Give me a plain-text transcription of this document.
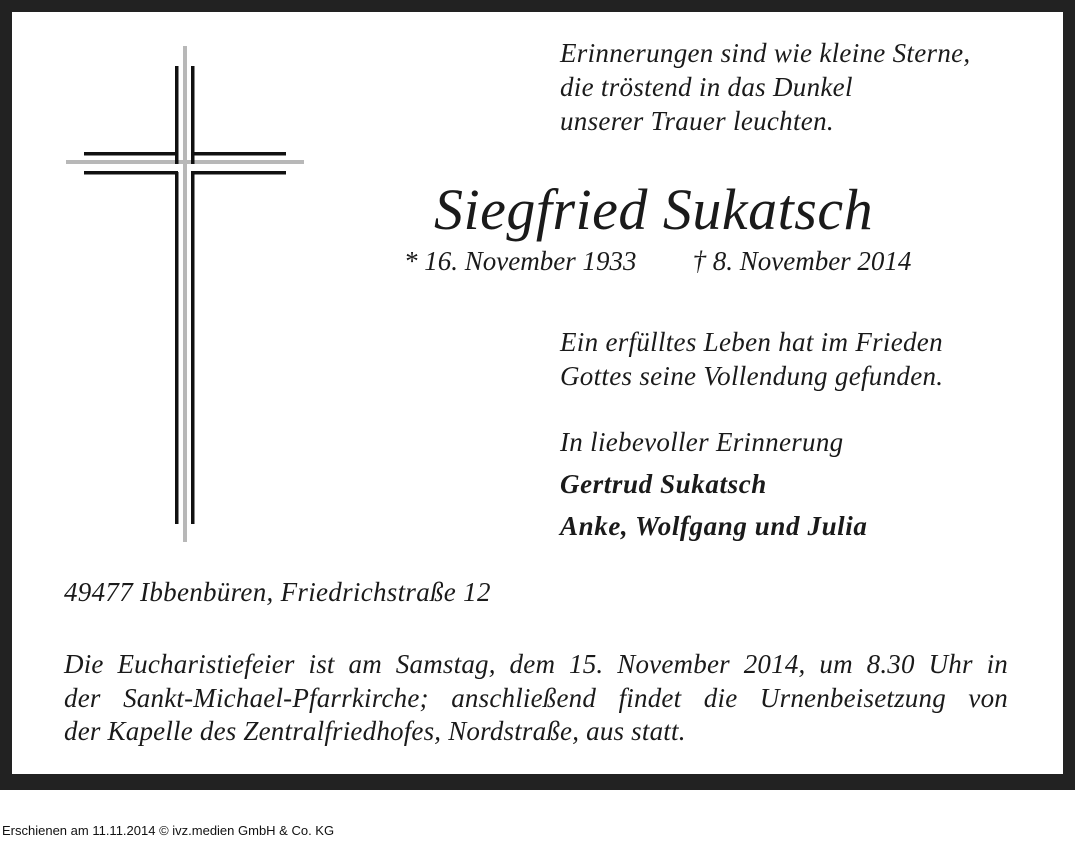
Erinnerungen sind wie kleine Sterne,
die tröstend in das Dunkel
unserer Trauer leuchten.
Siegfried Sukatsch
* 16. November 1933 † 8. November 2014
Ein erfülltes Leben hat im Frieden
Gottes seine Vollendung gefunden.
In liebevoller Erinnerung
Gertrud Sukatsch
Anke, Wolfgang und Julia
49477 Ibbenbüren, Friedrichstraße 12
Die Eucharistiefeier ist am Samstag, dem 15. November 2014, um 8.30 Uhr in
der Sankt-Michael-Pfarrkirche; anschließend findet die Urnenbeisetzung von
der Kapelle des Zentralfriedhofes, Nordstraße, aus statt.
Erschienen am 11.11.2014 © ivz.medien GmbH & Co. KG
